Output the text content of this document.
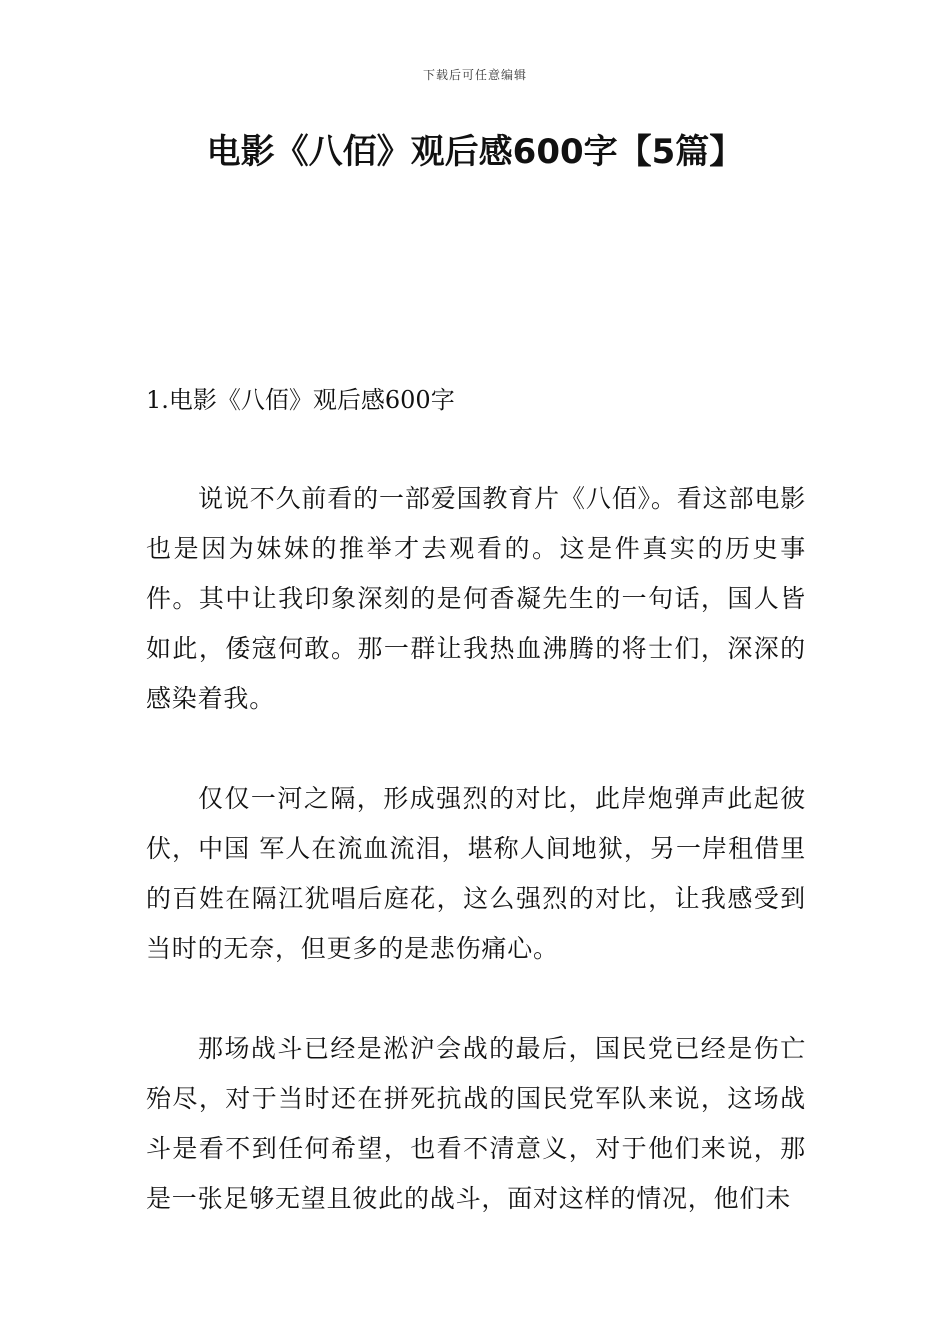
下载后可任意编辑
电影《八佰》观后感600字【5篇】
1.电影《八佰》观后感600字

说说不久前看的一部爱国教育片《八佰》。看这部电影也是因为妹妹的推举才去观看的。这是件真实的历史事件。其中让我印象深刻的是何香凝先生的一句话，国人皆如此，倭寇何敢。那一群让我热血沸腾的将士们，深深的感染着我。

仅仅一河之隔，形成强烈的对比，此岸炮弹声此起彼伏，中国 军人在流血流泪，堪称人间地狱，另一岸租借里的百姓在隔江犹唱后庭花，这么强烈的对比，让我感受到当时的无奈，但更多的是悲伤痛心。

那场战斗已经是淞沪会战的最后，国民党已经是伤亡殆尽，对于当时还在拼死抗战的国民党军队来说，这场战斗是看不到任何希望，也看不清意义，对于他们来说，那是一张足够无望且彼此的战斗，面对这样的情况，他们未
